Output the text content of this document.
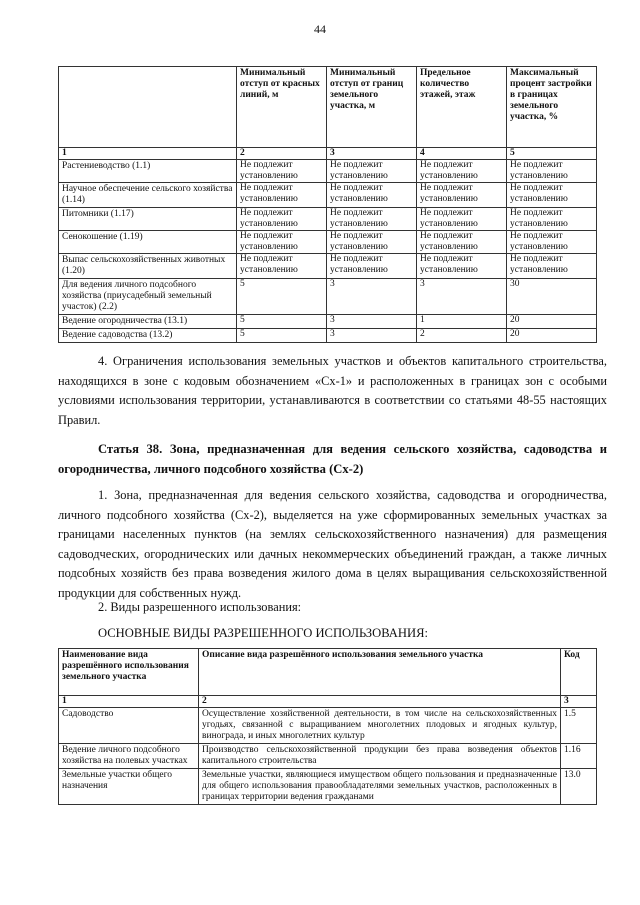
44
	Минимальный отступ от красных линий, м	Минимальный отступ от границ земельного участка, м	Предельное количество этажей, этаж	Максимальный процент застройки в границах земельного участка, %
1	2	3	4	5
Растениеводство (1.1)	Не подлежит установлению	Не подлежит установлению	Не подлежит установлению	Не подлежит установлению
Научное обеспечение сельского хозяйства (1.14)	Не подлежит установлению	Не подлежит установлению	Не подлежит установлению	Не подлежит установлению
Питомники (1.17)	Не подлежит установлению	Не подлежит установлению	Не подлежит установлению	Не подлежит установлению
Сенокошение (1.19)	Не подлежит установлению	Не подлежит установлению	Не подлежит установлению	Не подлежит установлению
Выпас сельскохозяйственных животных (1.20)	Не подлежит установлению	Не подлежит установлению	Не подлежит установлению	Не подлежит установлению
Для ведения личного подсобного хозяйства (приусадебный земельный участок) (2.2)	5	3	3	30
Ведение огородничества (13.1)	5	3	1	20
Ведение садоводства (13.2)	5	3	2	20

4. Ограничения использования земельных участков и объектов капитального строительства, находящихся в зоне с кодовым обозначением «Сх-1» и расположенных в границах зон с особыми условиями использования территории, устанавливаются в соответствии со статьями 48-55 настоящих Правил.

Статья 38. Зона, предназначенная для ведения сельского хозяйства, садоводства и огородничества, личного подсобного хозяйства (Сх-2)

1. Зона, предназначенная для ведения сельского хозяйства, садоводства и огородничества, личного подсобного хозяйства (Сх-2), выделяется на уже сформированных земельных участках за границами населенных пунктов (на землях сельскохозяйственного назначения) для размещения садоводческих, огороднических или дачных некоммерческих объединений граждан, а также личных подсобных хозяйств без права возведения жилого дома в целях выращивания сельскохозяйственной продукции для собственных нужд.

2. Виды разрешенного использования:

ОСНОВНЫЕ ВИДЫ РАЗРЕШЕННОГО ИСПОЛЬЗОВАНИЯ:
Наименование вида разрешённого использования земельного участка	Описание вида разрешённого использования земельного участка	Код
1	2	3
Садоводство	Осуществление хозяйственной деятельности, в том числе на сельскохозяйственных угодьях, связанной с выращиванием многолетних плодовых и ягодных культур, винограда, и иных многолетних культур	1.5
Ведение личного подсобного хозяйства на полевых участках	Производство сельскохозяйственной продукции без права возведения объектов капитального строительства	1.16
Земельные участки общего назначения	Земельные участки, являющиеся имуществом общего пользования и предназначенные для общего использования правообладателями земельных участков, расположенных в границах территории ведения гражданами	13.0
